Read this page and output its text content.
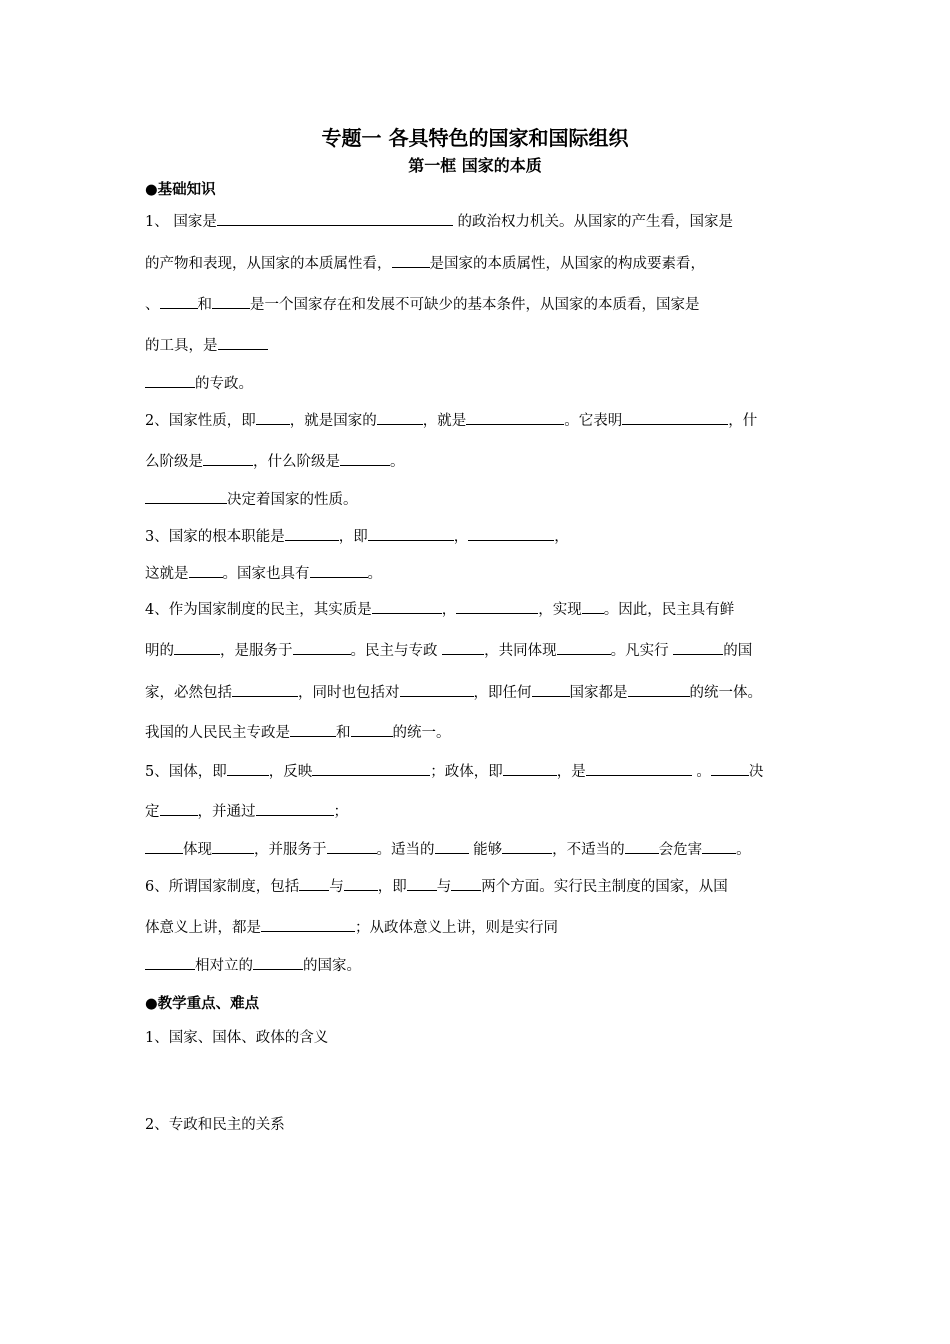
专题一 各具特色的国家和国际组织
第一框 国家的本质
●基础知识
1、 国家是	的政治权力机关。从国家的产生看，国家是
的产物和表现，从国家的本质属性看，	是国家的本质属性，从国家的构成要素看，
、	和	是一个国家存在和发展不可缺少的基本条件，从国家的本质看，国家是
的工具，是
的专政。
2、国家性质，即 ，就是国家的	，就是	。它表明	，什
么阶级是	，什么阶级是	。
决定着国家的性质。
3、国家的根本职能是	，即	，	，
这就是 。国家也具有	。
4、作为国家制度的民主，其实质是	，	，实现 。因此，民主具有鲜
明的	，是服务于	。民主与专政	，共同体现	。凡实行	的国
家，必然包括	，同时也包括对	，即任何	国家都是	的统一体。
我国的人民民主专政是	和	的统一。
5、国体，即	，反映	；政体，即	，是	。	决
定	，并通过	；
体现	，并服务于	。适当的 能够	，不适当的 会危害 。
6、所谓国家制度，包括 与 ，即 与 两个方面。实行民主制度的国家，从国
体意义上讲，都是	；从政体意义上讲，则是实行同
相对立的	的国家。
●教学重点、难点
1、国家、国体、政体的含义
2、专政和民主的关系
